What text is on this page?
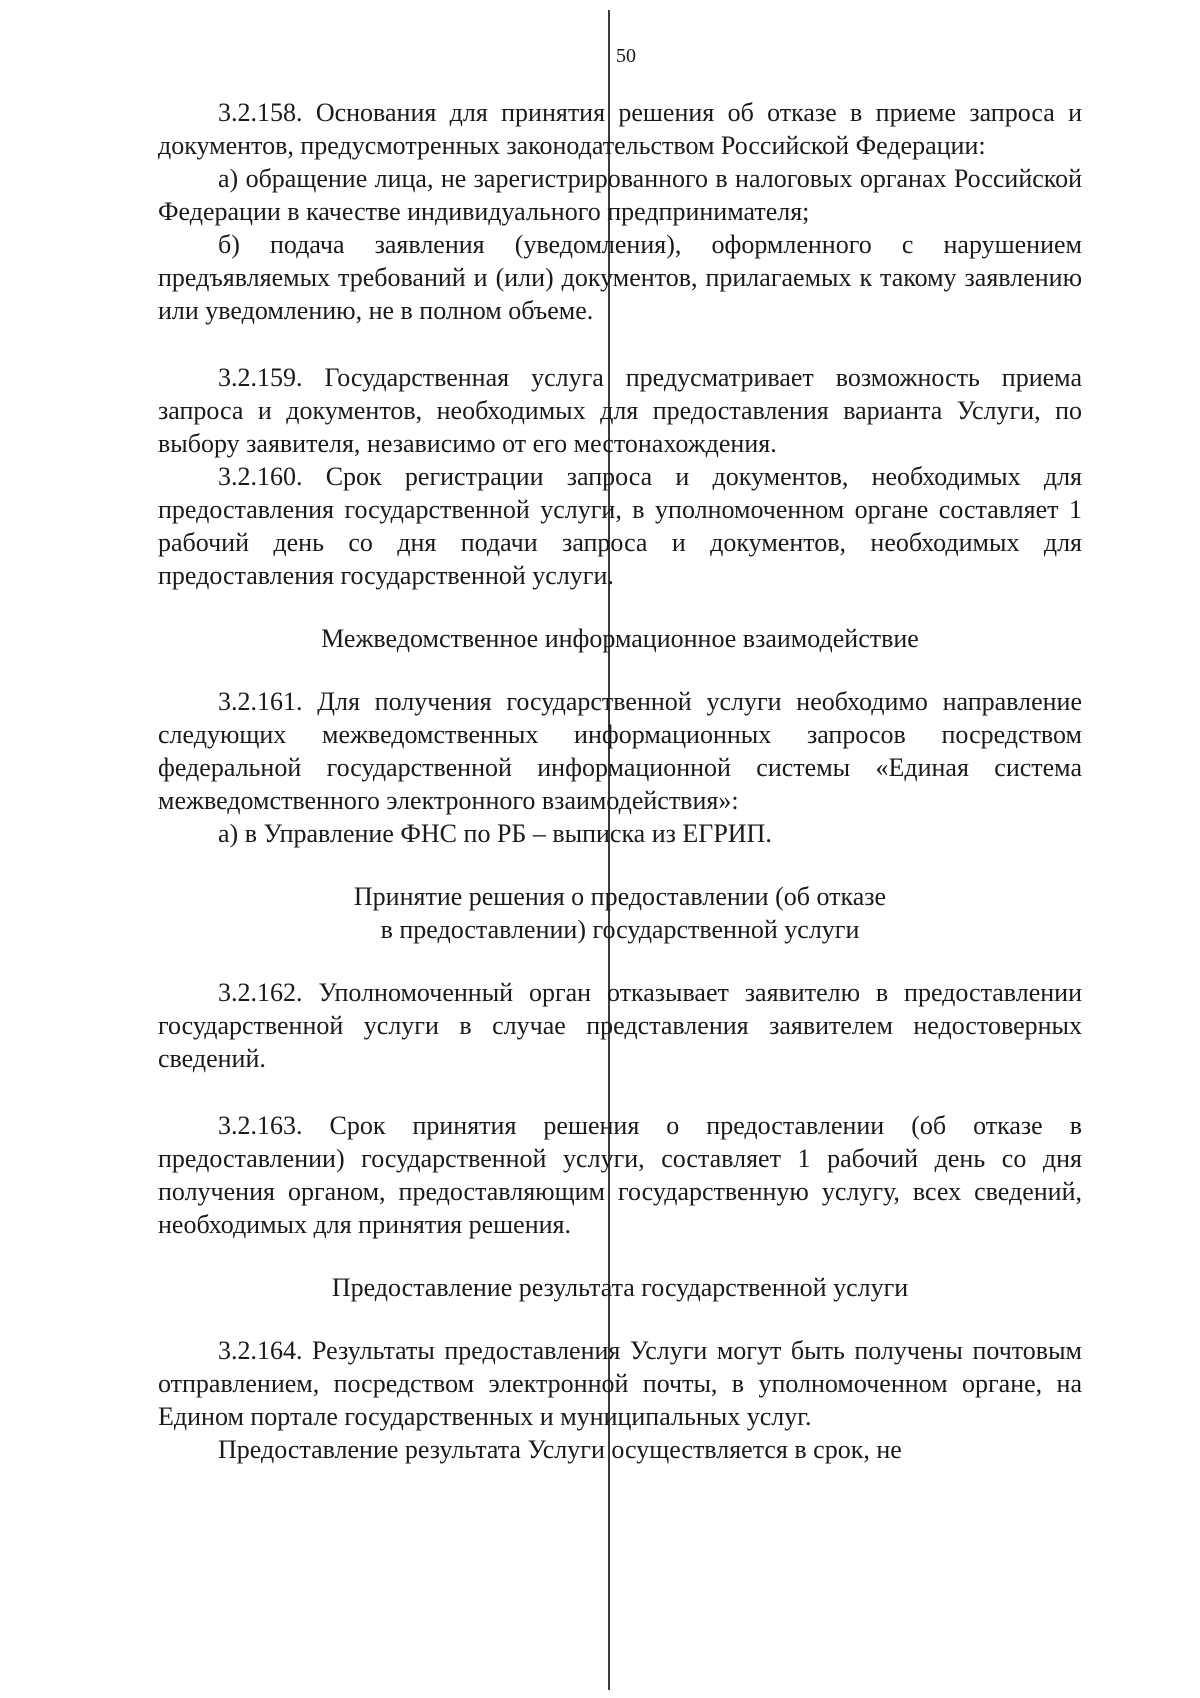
50

3.2.158. Основания для принятия решения об отказе в приеме запроса и документов, предусмотренных законодательством Российской Федерации:

а) обращение лица, не зарегистрированного в налоговых органах Российской Федерации в качестве индивидуального предпринимателя;

б) подача заявления (уведомления), оформленного с нарушением предъявляемых требований и (или) документов, прилагаемых к такому заявлению или уведомлению, не в полном объеме.

3.2.159. Государственная услуга предусматривает возможность приема запроса и документов, необходимых для предоставления варианта Услуги, по выбору заявителя, независимо от его местонахождения.

3.2.160. Срок регистрации запроса и документов, необходимых для предоставления государственной услуги, в уполномоченном органе составляет 1 рабочий день со дня подачи запроса и документов, необходимых для предоставления государственной услуги.

Межведомственное информационное взаимодействие

3.2.161. Для получения государственной услуги необходимо направление следующих межведомственных информационных запросов посредством федеральной государственной информационной системы «Единая система межведомственного электронного взаимодействия»:

а) в Управление ФНС по РБ – выписка из ЕГРИП.

Принятие решения о предоставлении (об отказе
в предоставлении) государственной услуги

3.2.162. Уполномоченный орган отказывает заявителю в предоставлении государственной услуги в случае представления заявителем недостоверных сведений.

3.2.163. Срок принятия решения о предоставлении (об отказе в предоставлении) государственной услуги, составляет 1 рабочий день со дня получения органом, предоставляющим государственную услугу, всех сведений, необходимых для принятия решения.

Предоставление результата государственной услуги

3.2.164. Результаты предоставления Услуги могут быть получены почтовым отправлением, посредством электронной почты, в уполномоченном органе, на Едином портале государственных и муниципальных услуг.

Предоставление результата Услуги осуществляется в срок, не
